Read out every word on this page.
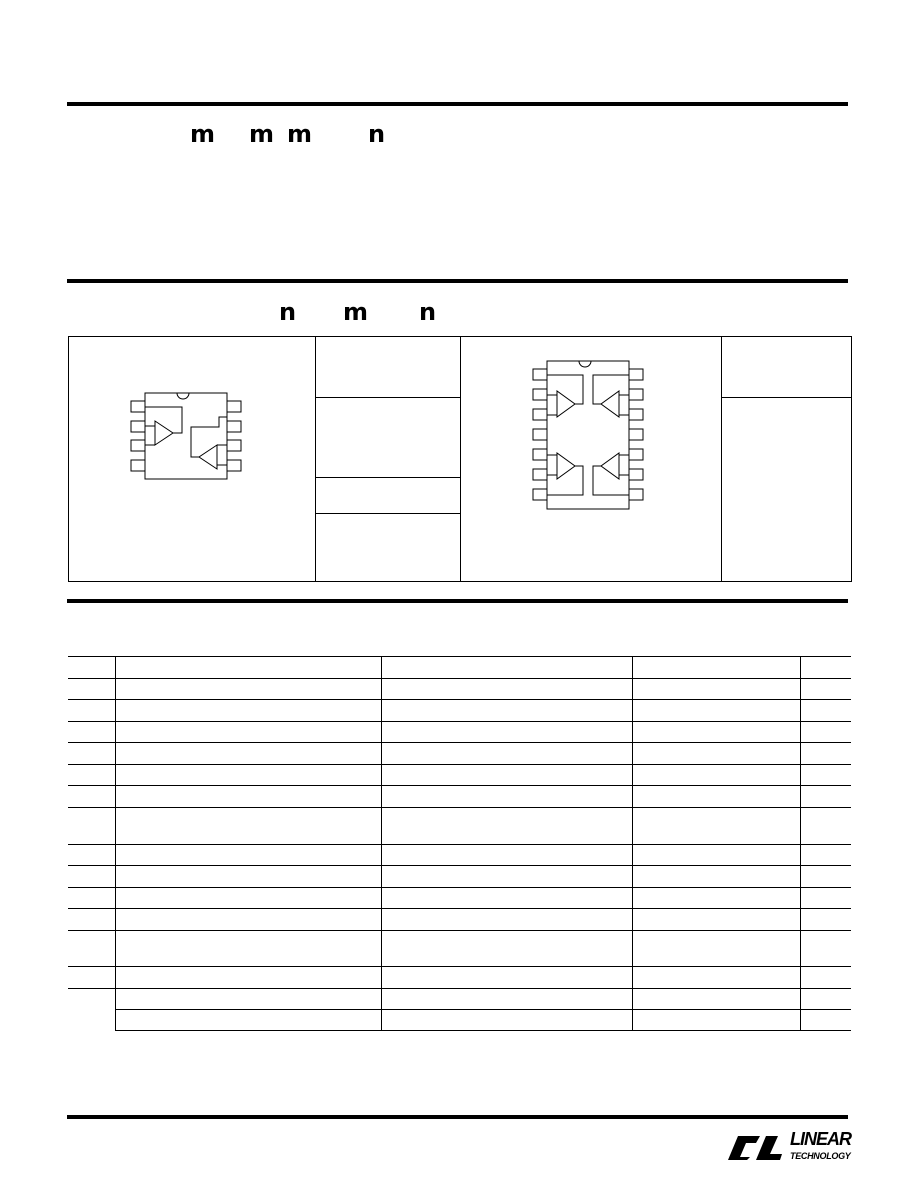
m m m n
n m n

LINEAR
TECHNOLOGY
